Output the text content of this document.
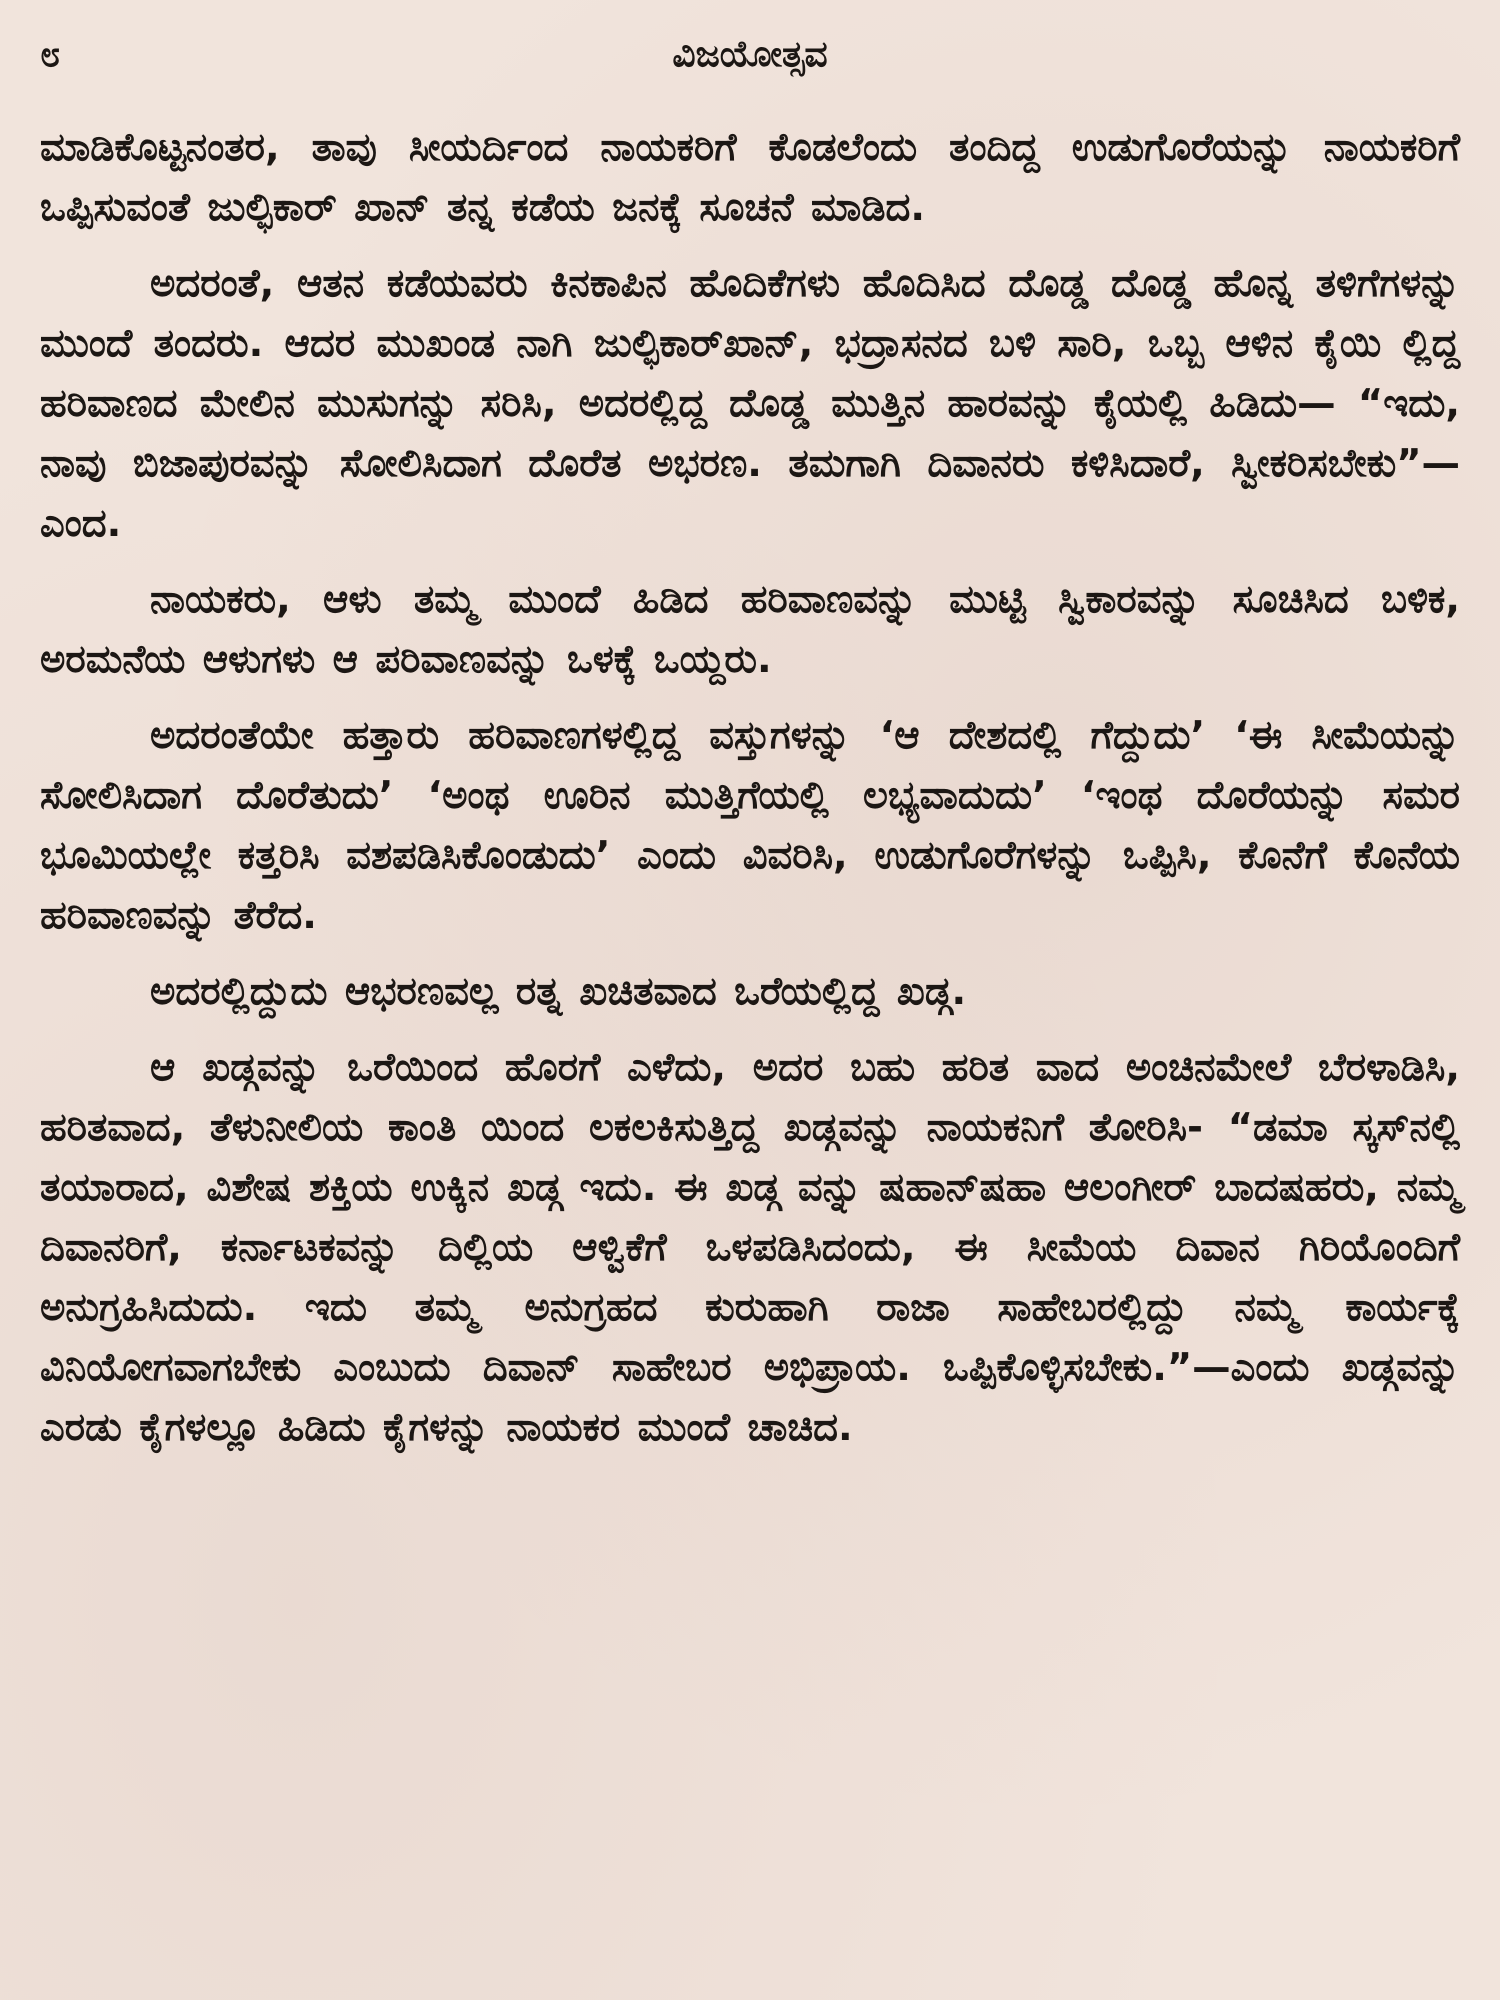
೮	ವಿಜಯೋತ್ಸವ

ಮಾಡಿಕೊಟ್ಟನಂತರ, ತಾವು ಸೀಯರ್ದಿಂದ ನಾಯಕರಿಗೆ ಕೊಡಲೆಂದು ತಂದಿದ್ದ ಉಡುಗೊರೆಯನ್ನು ನಾಯಕರಿಗೆ ಒಪ್ಪಿಸುವಂತೆ ಜುಲ್ಫಿಕಾರ್ ಖಾನ್ ತನ್ನ ಕಡೆಯ ಜನಕ್ಕೆ ಸೂಚನೆ ಮಾಡಿದ.

ಅದರಂತೆ, ಆತನ ಕಡೆಯವರು ಕಿನಕಾಪಿನ ಹೊದಿಕೆಗಳು ಹೊದಿಸಿದ ದೊಡ್ಡ ದೊಡ್ಡ ಹೊನ್ನ ತಳಿಗೆಗಳನ್ನು ಮುಂದೆ ತಂದರು. ಆದರ ಮುಖಂಡ ನಾಗಿ ಜುಲ್ಫಿಕಾರ್‌ಖಾನ್, ಭದ್ರಾಸನದ ಬಳಿ ಸಾರಿ, ಒಬ್ಬ ಆಳಿನ ಕೈಯಿ ಲ್ಲಿದ್ದ ಹರಿವಾಣದ ಮೇಲಿನ ಮುಸುಗನ್ನು ಸರಿಸಿ, ಅದರಲ್ಲಿದ್ದ ದೊಡ್ಡ ಮುತ್ತಿನ ಹಾರವನ್ನು ಕೈಯಲ್ಲಿ ಹಿಡಿದು— “ಇದು, ನಾವು ಬಿಜಾಪುರವನ್ನು ಸೋಲಿಸಿದಾಗ ದೊರೆತ ಅಭರಣ. ತಮಗಾಗಿ ದಿವಾನರು ಕಳಿಸಿದಾರೆ, ಸ್ವೀಕರಿಸಬೇಕು”— ಎಂದ.

ನಾಯಕರು, ಆಳು ತಮ್ಮ ಮುಂದೆ ಹಿಡಿದ ಹರಿವಾಣವನ್ನು ಮುಟ್ಟಿ ಸ್ವಿಕಾರವನ್ನು ಸೂಚಿಸಿದ ಬಳಿಕ, ಅರಮನೆಯ ಆಳುಗಳು ಆ ಪರಿವಾಣವನ್ನು ಒಳಕ್ಕೆ ಒಯ್ದರು.

ಅದರಂತೆಯೇ ಹತ್ತಾರು ಹರಿವಾಣಗಳಲ್ಲಿದ್ದ ವಸ್ತುಗಳನ್ನು ‘ಆ ದೇಶದಲ್ಲಿ ಗೆದ್ದುದು’ ‘ಈ ಸೀಮೆಯನ್ನು ಸೋಲಿಸಿದಾಗ ದೊರೆತುದು’ ‘ಅಂಥ ಊರಿನ ಮುತ್ತಿಗೆಯಲ್ಲಿ ಲಭ್ಯವಾದುದು’ ‘ಇಂಥ ದೊರೆಯನ್ನು ಸಮರ ಭೂಮಿಯಲ್ಲೇ ಕತ್ತರಿಸಿ ವಶಪಡಿಸಿಕೊಂಡುದು’ ಎಂದು ವಿವರಿಸಿ, ಉಡುಗೊರೆಗಳನ್ನು ಒಪ್ಪಿಸಿ, ಕೊನೆಗೆ ಕೊನೆಯ ಹರಿವಾಣವನ್ನು ತೆರೆದ.

ಅದರಲ್ಲಿದ್ದುದು ಆಭರಣವಲ್ಲ ರತ್ನ ಖಚಿತವಾದ ಒರೆಯಲ್ಲಿದ್ದ ಖಡ್ಗ.

ಆ ಖಡ್ಗವನ್ನು ಒರೆಯಿಂದ ಹೊರಗೆ ಎಳೆದು, ಅದರ ಬಹು ಹರಿತ ವಾದ ಅಂಚಿನಮೇಲೆ ಬೆರಳಾಡಿಸಿ, ಹರಿತವಾದ, ತೆಳುನೀಲಿಯ ಕಾಂತಿ ಯಿಂದ ಲಕಲಕಿಸುತ್ತಿದ್ದ ಖಡ್ಗವನ್ನು ನಾಯಕನಿಗೆ ತೋರಿಸಿ- “ಡಮಾ ಸ್ಕಸ್‌ನಲ್ಲಿ ತಯಾರಾದ, ವಿಶೇಷ ಶಕ್ತಿಯ ಉಕ್ಕಿನ ಖಡ್ಗ ಇದು. ಈ ಖಡ್ಗ ವನ್ನು ಷಹಾನ್‌ಷಹಾ ಆಲಂಗೀರ್ ಬಾದಷಹರು, ನಮ್ಮ ದಿವಾನರಿಗೆ, ಕರ್ನಾಟಕವನ್ನು ದಿಲ್ಲಿಯ ಆಳ್ವಿಕೆಗೆ ಒಳಪಡಿಸಿದಂದು, ಈ ಸೀಮೆಯ ದಿವಾನ ಗಿರಿಯೊಂದಿಗೆ ಅನುಗ್ರಹಿಸಿದುದು. ಇದು ತಮ್ಮ ಅನುಗ್ರಹದ ಕುರುಹಾಗಿ ರಾಜಾ ಸಾಹೇಬರಲ್ಲಿದ್ದು ನಮ್ಮ ಕಾರ್ಯಕ್ಕೆ ವಿನಿಯೋಗವಾಗಬೇಕು ಎಂಬುದು ದಿವಾನ್ ಸಾಹೇಬರ ಅಭಿಪ್ರಾಯ. ಒಪ್ಪಿಕೊಳ್ಳಿಸಬೇಕು.”—ಎಂದು ಖಡ್ಗವನ್ನು ಎರಡು ಕೈಗಳಲ್ಲೂ ಹಿಡಿದು ಕೈಗಳನ್ನು ನಾಯಕರ ಮುಂದೆ ಚಾಚಿದ.
